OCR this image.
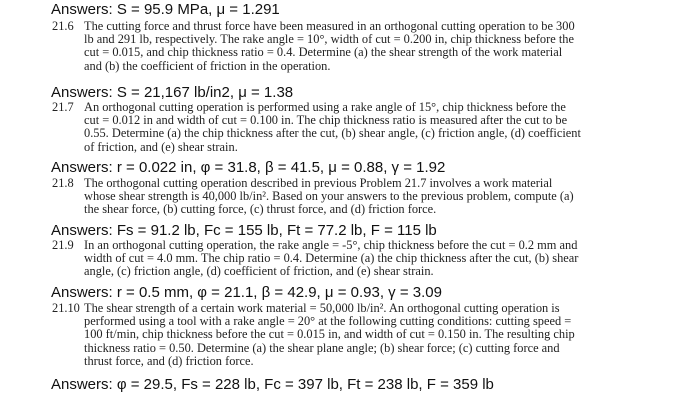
Answers: S = 95.9 MPa, μ = 1.291
21.6 The cutting force and thrust force have been measured in an orthogonal cutting operation to be 300
lb and 291 lb, respectively. The rake angle = 10°, width of cut = 0.200 in, chip thickness before the
cut = 0.015, and chip thickness ratio = 0.4. Determine (a) the shear strength of the work material
and (b) the coefficient of friction in the operation.
Answers: S = 21,167 lb/in2, μ = 1.38
21.7 An orthogonal cutting operation is performed using a rake angle of 15°, chip thickness before the
cut = 0.012 in and width of cut = 0.100 in. The chip thickness ratio is measured after the cut to be
0.55. Determine (a) the chip thickness after the cut, (b) shear angle, (c) friction angle, (d) coefficient
of friction, and (e) shear strain.
Answers: r = 0.022 in, φ = 31.8, β = 41.5, μ = 0.88, γ = 1.92
21.8 The orthogonal cutting operation described in previous Problem 21.7 involves a work material
whose shear strength is 40,000 lb/in². Based on your answers to the previous problem, compute (a)
the shear force, (b) cutting force, (c) thrust force, and (d) friction force.
Answers: Fs = 91.2 lb, Fc = 155 lb, Ft = 77.2 lb, F = 115 lb
21.9 In an orthogonal cutting operation, the rake angle = -5°, chip thickness before the cut = 0.2 mm and
width of cut = 4.0 mm. The chip ratio = 0.4. Determine (a) the chip thickness after the cut, (b) shear
angle, (c) friction angle, (d) coefficient of friction, and (e) shear strain.
Answers: r = 0.5 mm, φ = 21.1, β = 42.9, μ = 0.93, γ = 3.09
21.10 The shear strength of a certain work material = 50,000 lb/in². An orthogonal cutting operation is
performed using a tool with a rake angle = 20° at the following cutting conditions: cutting speed =
100 ft/min, chip thickness before the cut = 0.015 in, and width of cut = 0.150 in. The resulting chip
thickness ratio = 0.50. Determine (a) the shear plane angle; (b) shear force; (c) cutting force and
thrust force, and (d) friction force.
Answers: φ = 29.5, Fs = 228 lb, Fc = 397 lb, Ft = 238 lb, F = 359 lb
